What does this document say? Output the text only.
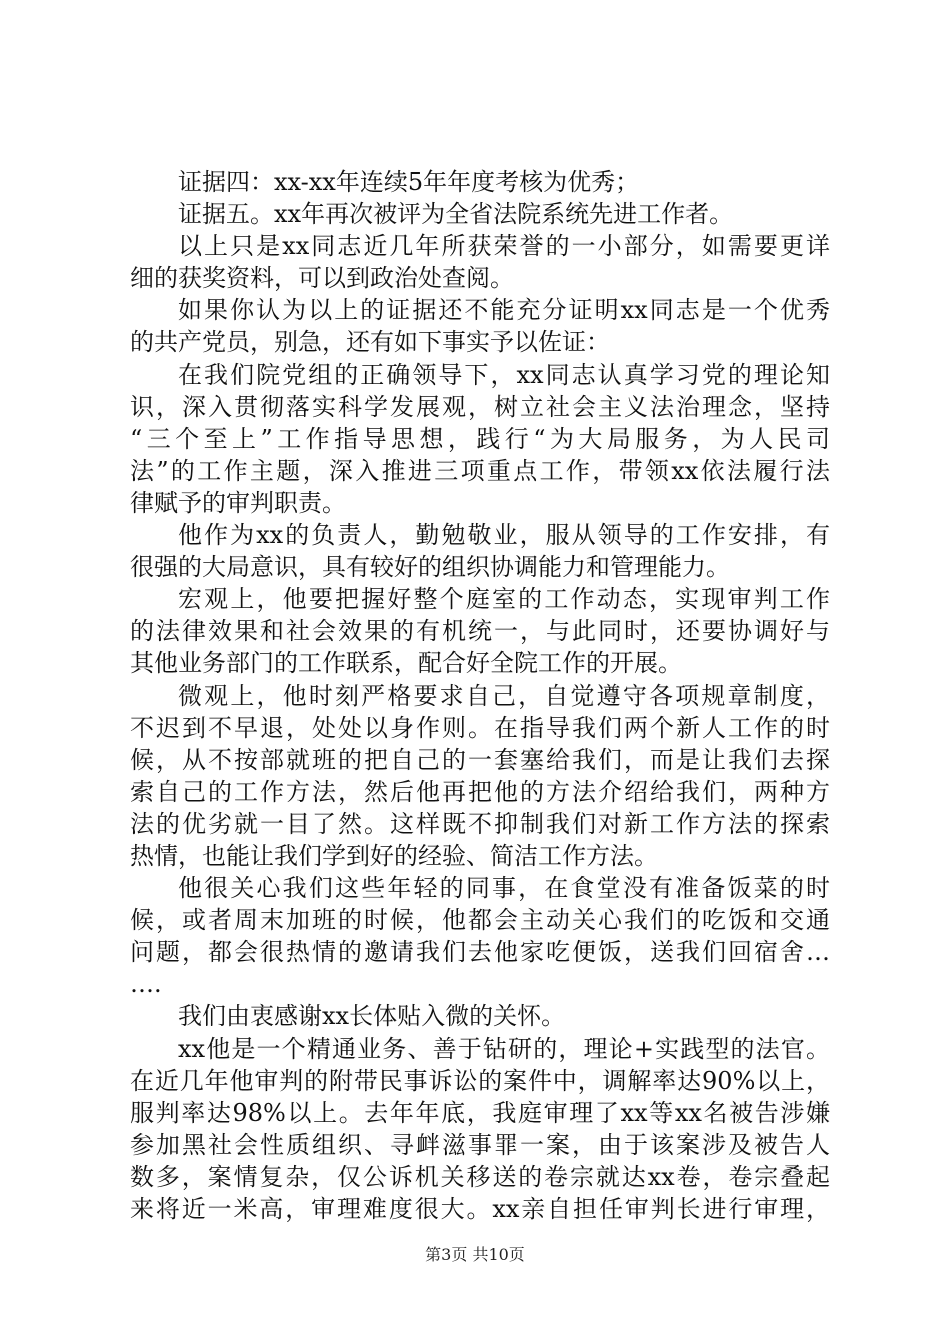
证据四：xx-xx年连续5年年度考核为优秀；
证据五。xx年再次被评为全省法院系统先进工作者。
以上只是xx同志近几年所获荣誉的一小部分，如需要更详
细的获奖资料，可以到政治处查阅。
如果你认为以上的证据还不能充分证明xx同志是一个优秀
的共产党员，别急，还有如下事实予以佐证：
在我们院党组的正确领导下，xx同志认真学习党的理论知
识，深入贯彻落实科学发展观，树立社会主义法治理念，坚持
“三个至上”工作指导思想，践行“为大局服务，为人民司
法”的工作主题，深入推进三项重点工作，带领xx依法履行法
律赋予的审判职责。
他作为xx的负责人，勤勉敬业，服从领导的工作安排，有
很强的大局意识，具有较好的组织协调能力和管理能力。
宏观上，他要把握好整个庭室的工作动态，实现审判工作
的法律效果和社会效果的有机统一，与此同时，还要协调好与
其他业务部门的工作联系，配合好全院工作的开展。
微观上，他时刻严格要求自己，自觉遵守各项规章制度，
不迟到不早退，处处以身作则。在指导我们两个新人工作的时
候，从不按部就班的把自己的一套塞给我们，而是让我们去探
索自己的工作方法，然后他再把他的方法介绍给我们，两种方
法的优劣就一目了然。这样既不抑制我们对新工作方法的探索
热情，也能让我们学到好的经验、简洁工作方法。
他很关心我们这些年轻的同事，在食堂没有准备饭菜的时
候，或者周末加班的时候，他都会主动关心我们的吃饭和交通
问题，都会很热情的邀请我们去他家吃便饭，送我们回宿舍…
….
我们由衷感谢xx长体贴入微的关怀。
xx他是一个精通业务、善于钻研的，理论+实践型的法官。
在近几年他审判的附带民事诉讼的案件中，调解率达90%以上，
服判率达98%以上。去年年底，我庭审理了xx等xx名被告涉嫌
参加黑社会性质组织、寻衅滋事罪一案，由于该案涉及被告人
数多，案情复杂，仅公诉机关移送的卷宗就达xx卷，卷宗叠起
来将近一米高，审理难度很大。xx亲自担任审判长进行审理，
第3页 共10页
